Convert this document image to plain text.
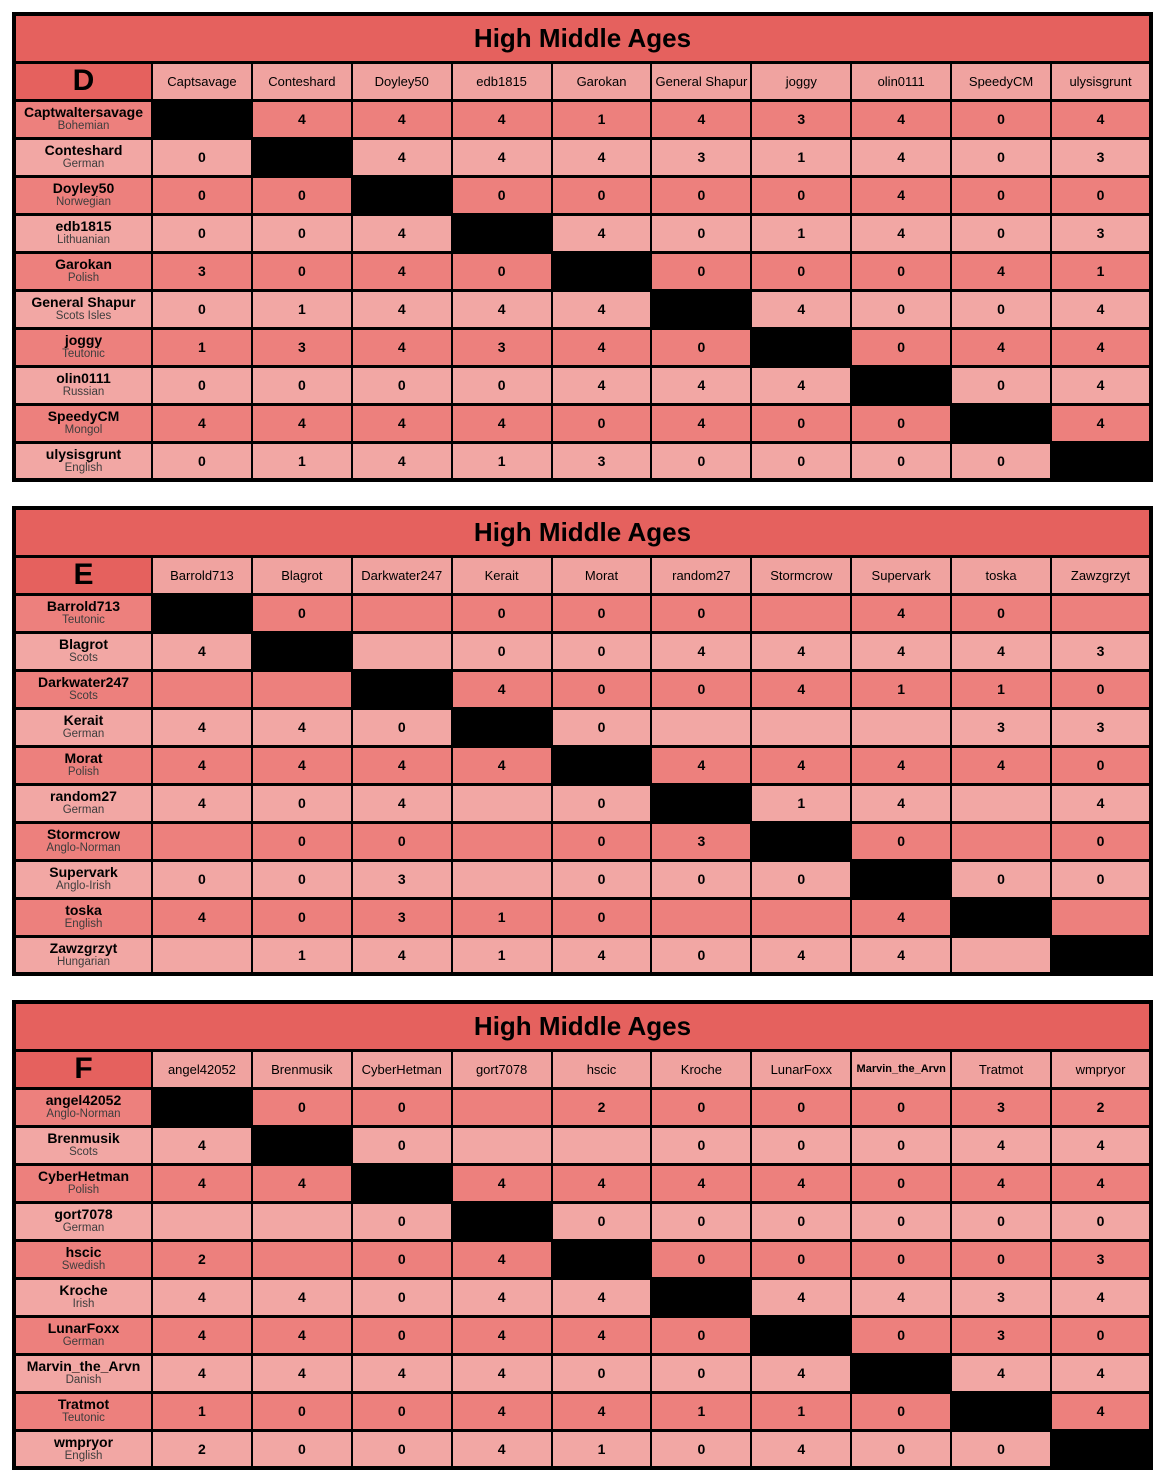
High Middle Ages										
D	Captsavage	Conteshard	Doyley50	edb1815	Garokan	General Shapur	joggy	olin0111	SpeedyCM	ulysisgrunt

Captwaltersavage
Bohemian		4	4	4	1	4	3	4	0	4

Conteshard
German	0		4	4	4	3	1	4	0	3

Doyley50
Norwegian	0	0		0	0	0	0	4	0	0

edb1815
Lithuanian	0	0	4		4	0	1	4	0	3

Garokan
Polish	3	0	4	0		0	0	0	4	1

General Shapur
Scots Isles	0	1	4	4	4		4	0	0	4

joggy
Teutonic	1	3	4	3	4	0		0	4	4

olin0111
Russian	0	0	0	0	4	4	4		0	4

SpeedyCM
Mongol	4	4	4	4	0	4	0	0		4

ulysisgrunt
English	0	1	4	1	3	0	0	0	0	
High Middle Ages										
E	Barrold713	Blagrot	Darkwater247	Kerait	Morat	random27	Stormcrow	Supervark	toska	Zawzgrzyt

Barrold713
Teutonic		0		0	0	0		4	0	

Blagrot
Scots	4			0	0	4	4	4	4	3

Darkwater247
Scots				4	0	0	4	1	1	0

Kerait
German	4	4	0		0				3	3

Morat
Polish	4	4	4	4		4	4	4	4	0

random27
German	4	0	4		0		1	4		4

Stormcrow
Anglo-Norman		0	0		0	3		0		0

Supervark
Anglo-Irish	0	0	3		0	0	0		0	0

toska
English	4	0	3	1	0			4		

Zawzgrzyt
Hungarian		1	4	1	4	0	4	4		
High Middle Ages										
F	angel42052	Brenmusik	CyberHetman	gort7078	hscic	Kroche	LunarFoxx	Marvin_the_Arvn	Tratmot	wmpryor

angel42052
Anglo-Norman		0	0		2	0	0	0	3	2

Brenmusik
Scots	4		0			0	0	0	4	4

CyberHetman
Polish	4	4		4	4	4	4	0	4	4

gort7078
German			0		0	0	0	0	0	0

hscic
Swedish	2		0	4		0	0	0	0	3

Kroche
Irish	4	4	0	4	4		4	4	3	4

LunarFoxx
German	4	4	0	4	4	0		0	3	0

Marvin_the_Arvn
Danish	4	4	4	4	0	0	4		4	4

Tratmot
Teutonic	1	0	0	4	4	1	1	0		4

wmpryor
English	2	0	0	4	1	0	4	0	0	
